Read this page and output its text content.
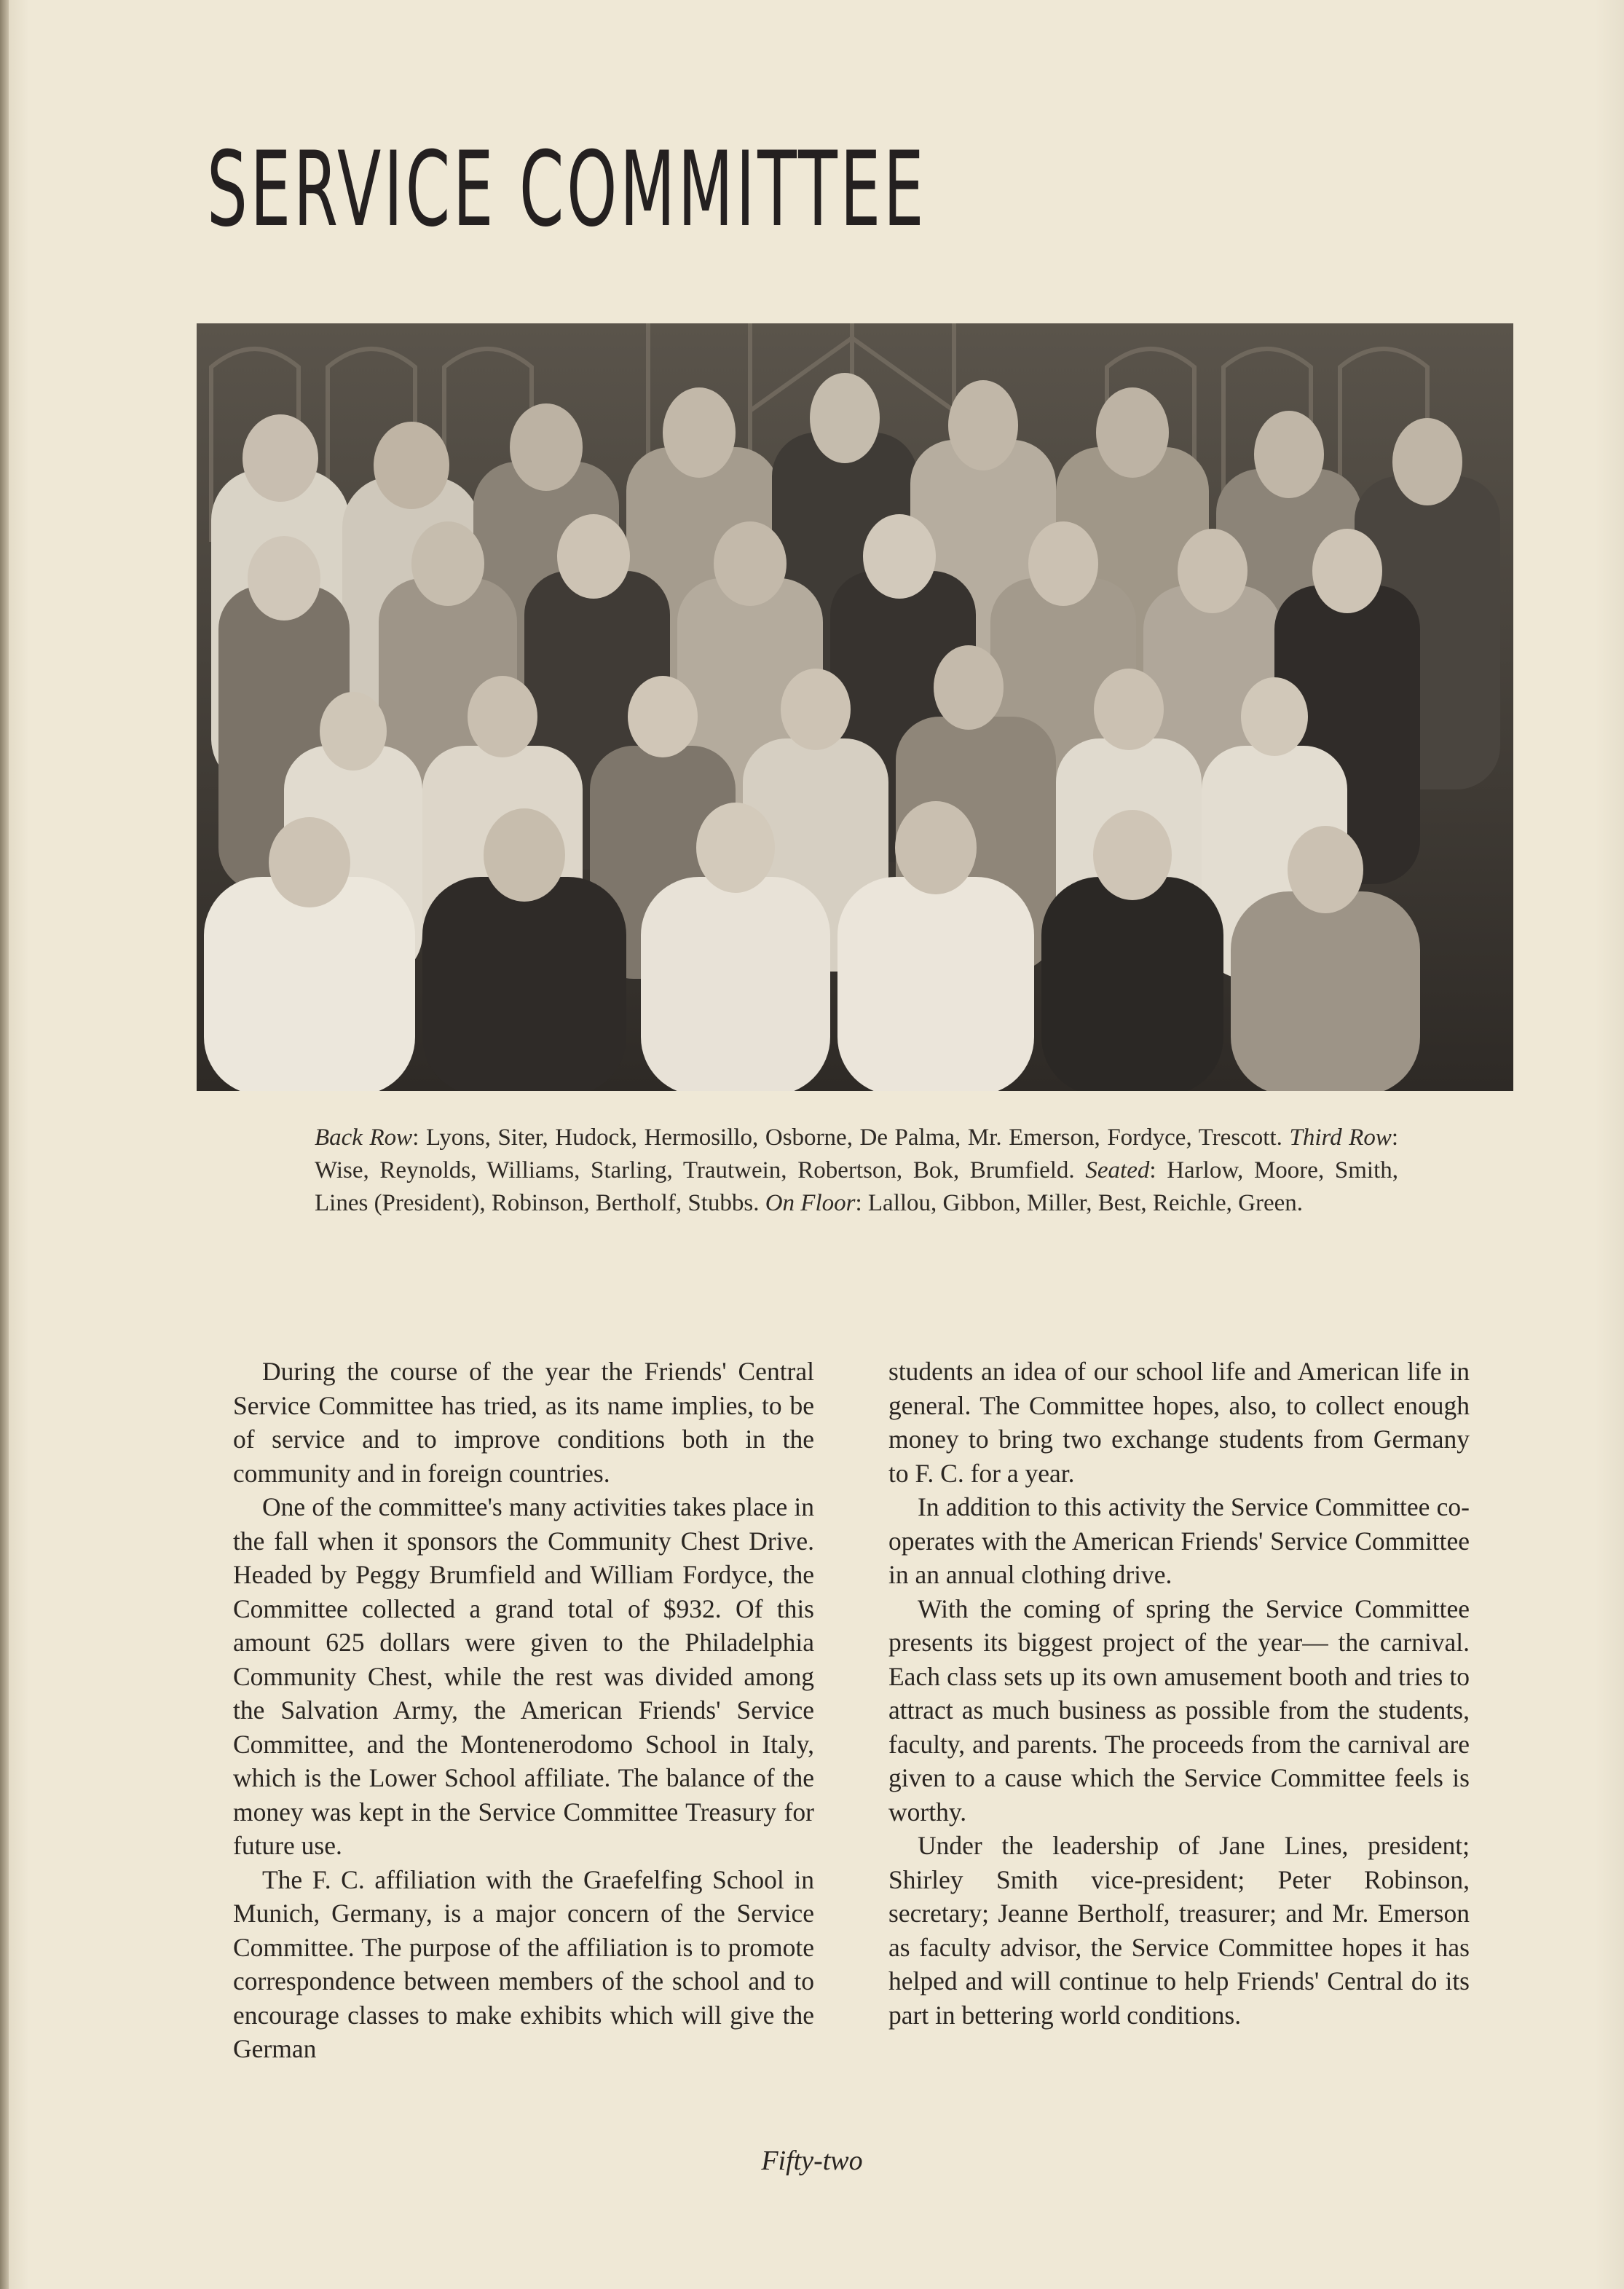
SERVICE COMMITTEE
Back Row: Lyons, Siter, Hudock, Hermosillo, Osborne, De Palma, Mr. Emerson, Fordyce, Trescott. Third Row: Wise, Reynolds, Williams, Starling, Trautwein, Robertson, Bok, Brumfield. Seated: Harlow, Moore, Smith, Lines (President), Robinson, Bertholf, Stubbs. On Floor: Lallou, Gibbon, Miller, Best, Reichle, Green.

During the course of the year the Friends' Central Service Committee has tried, as its name implies, to be of service and to improve conditions both in the community and in foreign countries.

One of the committee's many activities takes place in the fall when it sponsors the Community Chest Drive. Headed by Peggy Brumfield and William Fordyce, the Committee collected a grand total of $932. Of this amount 625 dollars were given to the Philadelphia Community Chest, while the rest was divided among the Salvation Army, the American Friends' Service Committee, and the Montenerodomo School in Italy, which is the Lower School affiliate. The balance of the money was kept in the Service Committee Treasury for future use.

The F. C. affiliation with the Graefelfing School in Munich, Germany, is a major concern of the Service Committee. The purpose of the affiliation is to promote correspondence between members of the school and to encourage classes to make exhibits which will give the German

students an idea of our school life and American life in general. The Committee hopes, also, to collect enough money to bring two exchange students from Germany to F. C. for a year.

In addition to this activity the Service Committee co-operates with the American Friends' Service Committee in an annual clothing drive.

With the coming of spring the Service Committee presents its biggest project of the year— the carnival. Each class sets up its own amusement booth and tries to attract as much business as possible from the students, faculty, and parents. The proceeds from the carnival are given to a cause which the Service Committee feels is worthy.

Under the leadership of Jane Lines, president; Shirley Smith vice-president; Peter Robinson, secretary; Jeanne Bertholf, treasurer; and Mr. Emerson as faculty advisor, the Service Committee hopes it has helped and will continue to help Friends' Central do its part in bettering world conditions.

Fifty-two
